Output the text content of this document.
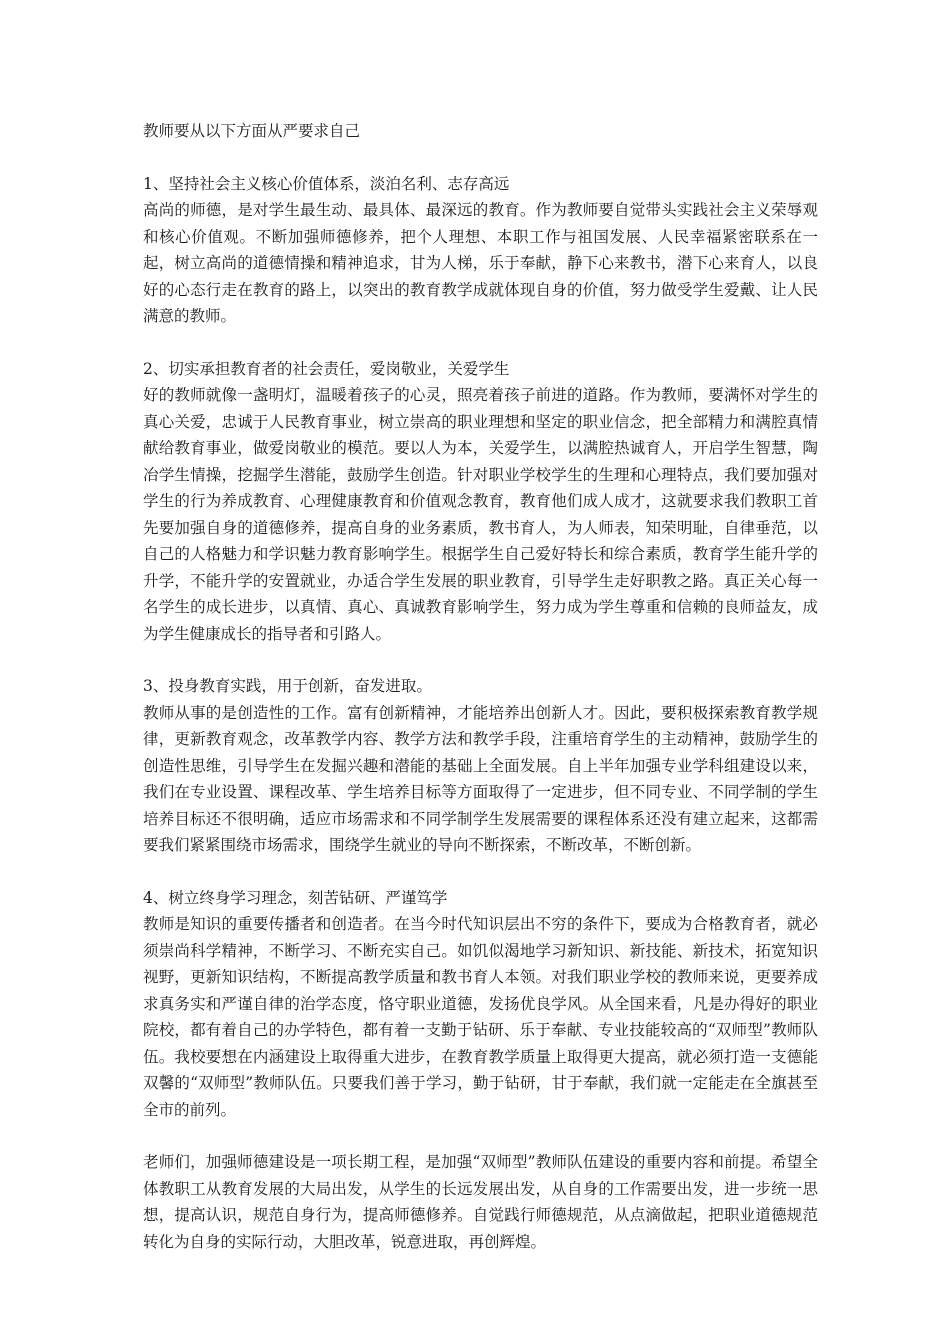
教师要从以下方面从严要求自己

1、坚持社会主义核心价值体系，淡泊名利、志存高远

高尚的师德，是对学生最生动、最具体、最深远的教育。作为教师要自觉带头实践社会主义荣辱观和核心价值观。不断加强师德修养，把个人理想、本职工作与祖国发展、人民幸福紧密联系在一起，树立高尚的道德情操和精神追求，甘为人梯，乐于奉献，静下心来教书，潜下心来育人，以良好的心态行走在教育的路上，以突出的教育教学成就体现自身的价值，努力做受学生爱戴、让人民满意的教师。

2、切实承担教育者的社会责任，爱岗敬业，关爱学生

好的教师就像一盏明灯，温暖着孩子的心灵，照亮着孩子前进的道路。作为教师，要满怀对学生的真心关爱，忠诚于人民教育事业，树立崇高的职业理想和坚定的职业信念，把全部精力和满腔真情献给教育事业，做爱岗敬业的模范。要以人为本，关爱学生，以满腔热诚育人，开启学生智慧，陶冶学生情操，挖掘学生潜能，鼓励学生创造。针对职业学校学生的生理和心理特点，我们要加强对学生的行为养成教育、心理健康教育和价值观念教育，教育他们成人成才，这就要求我们教职工首先要加强自身的道德修养，提高自身的业务素质，教书育人，为人师表，知荣明耻，自律垂范，以自己的人格魅力和学识魅力教育影响学生。根据学生自己爱好特长和综合素质，教育学生能升学的升学，不能升学的安置就业，办适合学生发展的职业教育，引导学生走好职教之路。真正关心每一名学生的成长进步，以真情、真心、真诚教育影响学生，努力成为学生尊重和信赖的良师益友，成为学生健康成长的指导者和引路人。

3、投身教育实践，用于创新，奋发进取。

教师从事的是创造性的工作。富有创新精神，才能培养出创新人才。因此，要积极探索教育教学规律，更新教育观念，改革教学内容、教学方法和教学手段，注重培育学生的主动精神，鼓励学生的创造性思维，引导学生在发掘兴趣和潜能的基础上全面发展。自上半年加强专业学科组建设以来，我们在专业设置、课程改革、学生培养目标等方面取得了一定进步，但不同专业、不同学制的学生培养目标还不很明确，适应市场需求和不同学制学生发展需要的课程体系还没有建立起来，这都需要我们紧紧围绕市场需求，围绕学生就业的导向不断探索，不断改革，不断创新。

4、树立终身学习理念，刻苦钻研、严谨笃学

教师是知识的重要传播者和创造者。在当今时代知识层出不穷的条件下，要成为合格教育者，就必须崇尚科学精神，不断学习、不断充实自己。如饥似渴地学习新知识、新技能、新技术，拓宽知识视野，更新知识结构，不断提高教学质量和教书育人本领。对我们职业学校的教师来说，更要养成求真务实和严谨自律的治学态度，恪守职业道德，发扬优良学风。从全国来看，凡是办得好的职业院校，都有着自己的办学特色，都有着一支勤于钻研、乐于奉献、专业技能较高的“双师型”教师队伍。我校要想在内涵建设上取得重大进步，在教育教学质量上取得更大提高，就必须打造一支德能双馨的“双师型”教师队伍。只要我们善于学习，勤于钻研，甘于奉献，我们就一定能走在全旗甚至全市的前列。

老师们，加强师德建设是一项长期工程，是加强“双师型”教师队伍建设的重要内容和前提。希望全体教职工从教育发展的大局出发，从学生的长远发展出发，从自身的工作需要出发，进一步统一思想，提高认识，规范自身行为，提高师德修养。自觉践行师德规范，从点滴做起，把职业道德规范转化为自身的实际行动，大胆改革，锐意进取，再创辉煌。
